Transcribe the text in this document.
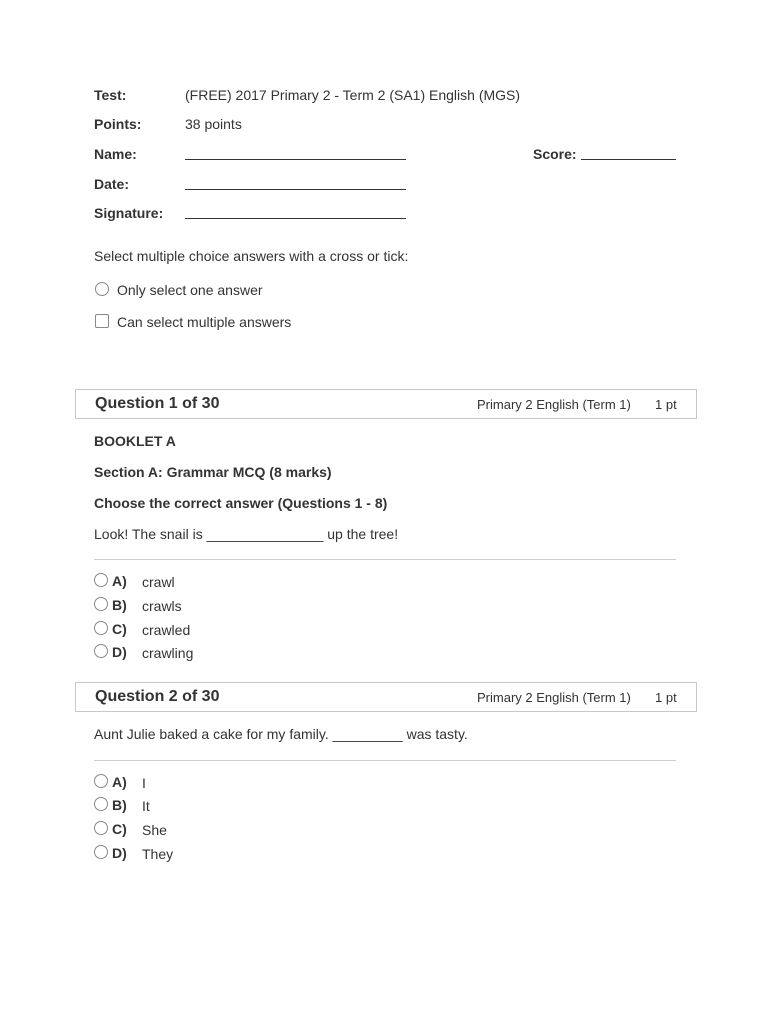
Test:	(FREE) 2017 Primary 2 - Term 2 (SA1) English (MGS)
Points:	38 points
Name:	Score:
Date:
Signature:
Select multiple choice answers with a cross or tick:
Only select one answer
Can select multiple answers
Question 1 of 30	Primary 2 English (Term 1) 1 pt
BOOKLET A
Section A: Grammar MCQ (8 marks)
Choose the correct answer (Questions 1 - 8)
Look! The snail is _______________ up the tree!
A) crawl
B) crawls
C) crawled
D) crawling
Question 2 of 30	Primary 2 English (Term 1) 1 pt
Aunt Julie baked a cake for my family. _________ was tasty.
A) I
B) It
C) She
D) They
